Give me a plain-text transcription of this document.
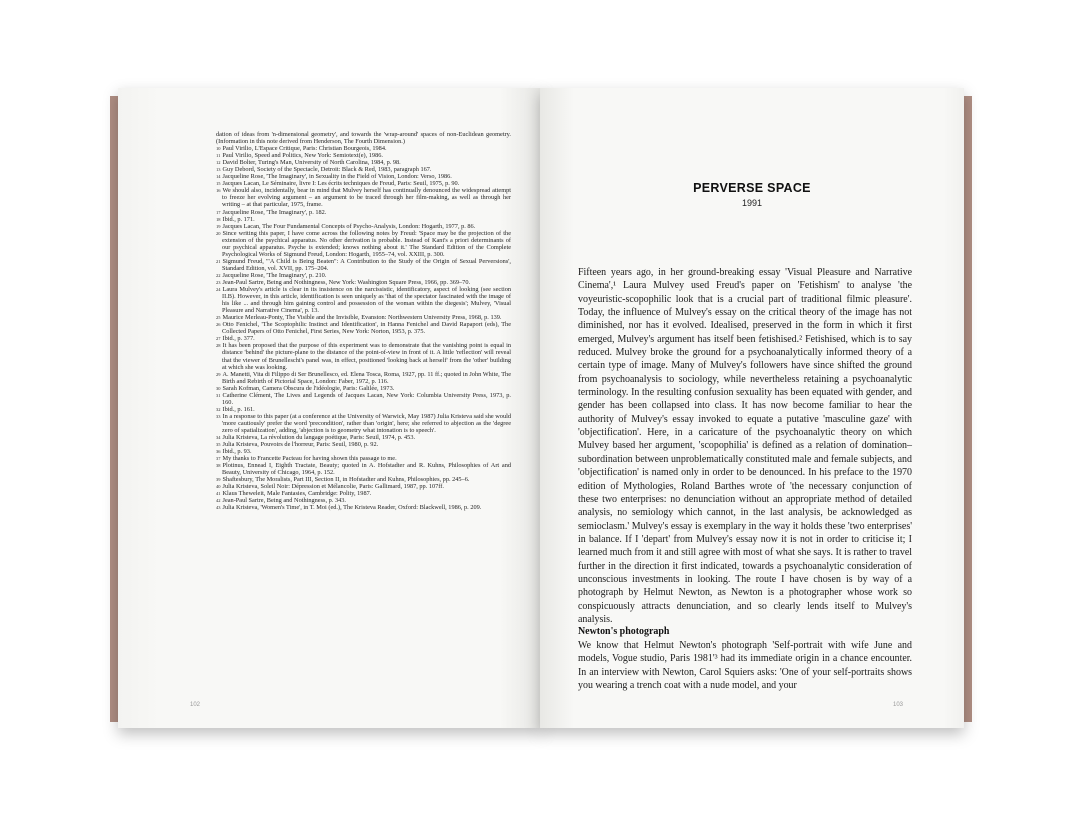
dation of ideas from 'n-dimensional geometry', and towards the 'wrap-around' spaces of non-Euclidean geometry. (Information in this note derived from Henderson, The Fourth Dimension.)

$^{10}$ Paul Virilio, L'Espace Critique, Paris: Christian Bourgeois, 1984.

$^{11}$ Paul Virilio, Speed and Politics, New York: Semiotext(e), 1986.

$^{12}$ David Bolter, Turing's Man, University of North Carolina, 1984, p. 98.

$^{13}$ Guy Debord, Society of the Spectacle, Detroit: Black & Red, 1983, paragraph 167.

$^{14}$ Jacqueline Rose, 'The Imaginary', in Sexuality in the Field of Vision, London: Verso, 1986.

$^{15}$ Jacques Lacan, Le Séminaire, livre I: Les écrits techniques de Freud, Paris: Seuil, 1975, p. 90.

$^{16}$ We should also, incidentally, bear in mind that Mulvey herself has continually denounced the widespread attempt to freeze her evolving argument – an argument to be traced through her film-making, as well as through her writing – at that particular, 1975, frame.

$^{17}$ Jacqueline Rose, 'The Imaginary', p. 182.

$^{18}$ Ibid., p. 171.

$^{19}$ Jacques Lacan, The Four Fundamental Concepts of Psycho-Analysis, London: Hogarth, 1977, p. 86.

$^{20}$ Since writing this paper, I have come across the following notes by Freud: 'Space may be the projection of the extension of the psychical apparatus. No other derivation is probable. Instead of Kant's a priori determinants of our psychical apparatus. Psyche is extended; knows nothing about it.' The Standard Edition of the Complete Psychological Works of Sigmund Freud, London: Hogarth, 1955–74, vol. XXIII, p. 300.

$^{21}$ Sigmund Freud, '"A Child is Being Beaten": A Contribution to the Study of the Origin of Sexual Perversions', Standard Edition, vol. XVII, pp. 175–204.

$^{22}$ Jacqueline Rose, 'The Imaginary', p. 210.

$^{23}$ Jean-Paul Sartre, Being and Nothingness, New York: Washington Square Press, 1966, pp. 369–70.

$^{24}$ Laura Mulvey's article is clear in its insistence on the narcissistic, identificatory, aspect of looking (see section II.B). However, in this article, identification is seen uniquely as 'that of the spectator fascinated with the image of his like ... and through him gaining control and possession of the woman within the diegesis'; Mulvey, 'Visual Pleasure and Narrative Cinema', p. 13.

$^{25}$ Maurice Merleau-Ponty, The Visible and the Invisible, Evanston: Northwestern University Press, 1968, p. 139.

$^{26}$ Otto Fenichel, 'The Scoptophilic Instinct and Identification', in Hanna Fenichel and David Rapaport (eds), The Collected Papers of Otto Fenichel, First Series, New York: Norton, 1953, p. 375.

$^{27}$ Ibid., p. 377.

$^{28}$ It has been proposed that the purpose of this experiment was to demonstrate that the vanishing point is equal in distance 'behind' the picture-plane to the distance of the point-of-view in front of it. A little 'reflection' will reveal that the viewer of Brunelleschi's panel was, in effect, positioned 'looking back at herself' from the 'other' building at which she was looking.

$^{29}$ A. Manetti, Vita di Filippo di Ser Brunellesco, ed. Elena Tosca, Roma, 1927, pp. 11 ff.; quoted in John White, The Birth and Rebirth of Pictorial Space, London: Faber, 1972, p. 116.

$^{30}$ Sarah Kofman, Camera Obscura de l'idéologie, Paris: Galilée, 1973.

$^{31}$ Catherine Clément, The Lives and Legends of Jacques Lacan, New York: Columbia University Press, 1973, p. 160.

$^{32}$ Ibid., p. 161.

$^{33}$ In a response to this paper (at a conference at the University of Warwick, May 1987) Julia Kristeva said she would 'more cautiously' prefer the word 'precondition', rather than 'origin', here; she referred to abjection as the 'degree zero of spatialization', adding, 'abjection is to geometry what intonation is to speech'.

$^{34}$ Julia Kristeva, La révolution du langage poétique, Paris: Seuil, 1974, p. 453.

$^{35}$ Julia Kristeva, Pouvoirs de l'horreur, Paris: Seuil, 1980, p. 92.

$^{36}$ Ibid., p. 93.

$^{37}$ My thanks to Francette Pacteau for having shown this passage to me.

$^{38}$ Plotinus, Ennead I, Eighth Tractate, Beauty; quoted in A. Hofstadter and R. Kuhns, Philosophies of Art and Beauty, University of Chicago, 1964, p. 152.

$^{39}$ Shaftesbury, The Moralists, Part III, Section II, in Hofstadter and Kuhns, Philosophies, pp. 245–6.

$^{40}$ Julia Kristeva, Soleil Noir: Dépression et Mélancolie, Paris: Gallimard, 1987, pp. 107ff.

$^{41}$ Klaus Theweleit, Male Fantasies, Cambridge: Polity, 1987.

$^{42}$ Jean-Paul Sartre, Being and Nothingness, p. 343.

$^{43}$ Julia Kristeva, 'Women's Time', in T. Moi (ed.), The Kristeva Reader, Oxford: Blackwell, 1986, p. 209.

102
PERVERSE SPACE
1991

Fifteen years ago, in her ground-breaking essay 'Visual Pleasure and Narrative Cinema',¹ Laura Mulvey used Freud's paper on 'Fetishism' to analyse 'the voyeuristic-scopophilic look that is a crucial part of traditional filmic pleasure'. Today, the influence of Mulvey's essay on the critical theory of the image has not diminished, nor has it evolved. Idealised, preserved in the form in which it first emerged, Mulvey's argument has itself been fetishised.² Fetishised, which is to say reduced. Mulvey broke the ground for a psychoanalytically informed theory of a certain type of image. Many of Mulvey's followers have since shifted the ground from psychoanalysis to sociology, while nevertheless retaining a psychoanalytic terminology. In the resulting confusion sexuality has been equated with gender, and gender has been collapsed into class. It has now become familiar to hear the authority of Mulvey's essay invoked to equate a putative 'masculine gaze' with 'objectification'. Here, in a caricature of the psychoanalytic theory on which Mulvey based her argument, 'scopophilia' is defined as a relation of domination–subordination between unproblematically constituted male and female subjects, and 'objectification' is named only in order to be denounced. In his preface to the 1970 edition of Mythologies, Roland Barthes wrote of 'the necessary conjunction of these two enterprises: no denunciation without an appropriate method of detailed analysis, no semiology which cannot, in the last analysis, be acknowledged as semioclasm.' Mulvey's essay is exemplary in the way it holds these 'two enterprises' in balance. If I 'depart' from Mulvey's essay now it is not in order to criticise it; I learned much from it and still agree with most of what she says. It is rather to travel further in the direction it first indicated, towards a psychoanalytic consideration of unconscious investments in looking. The route I have chosen is by way of a photograph by Helmut Newton, as Newton is a photographer whose work so conspicuously attracts denunciation, and so clearly lends itself to Mulvey's analysis.

Newton's photograph

We know that Helmut Newton's photograph 'Self-portrait with wife June and models, Vogue studio, Paris 1981'³ had its immediate origin in a chance encounter. In an interview with Newton, Carol Squiers asks: 'One of your self-portraits shows you wearing a trench coat with a nude model, and your

103
